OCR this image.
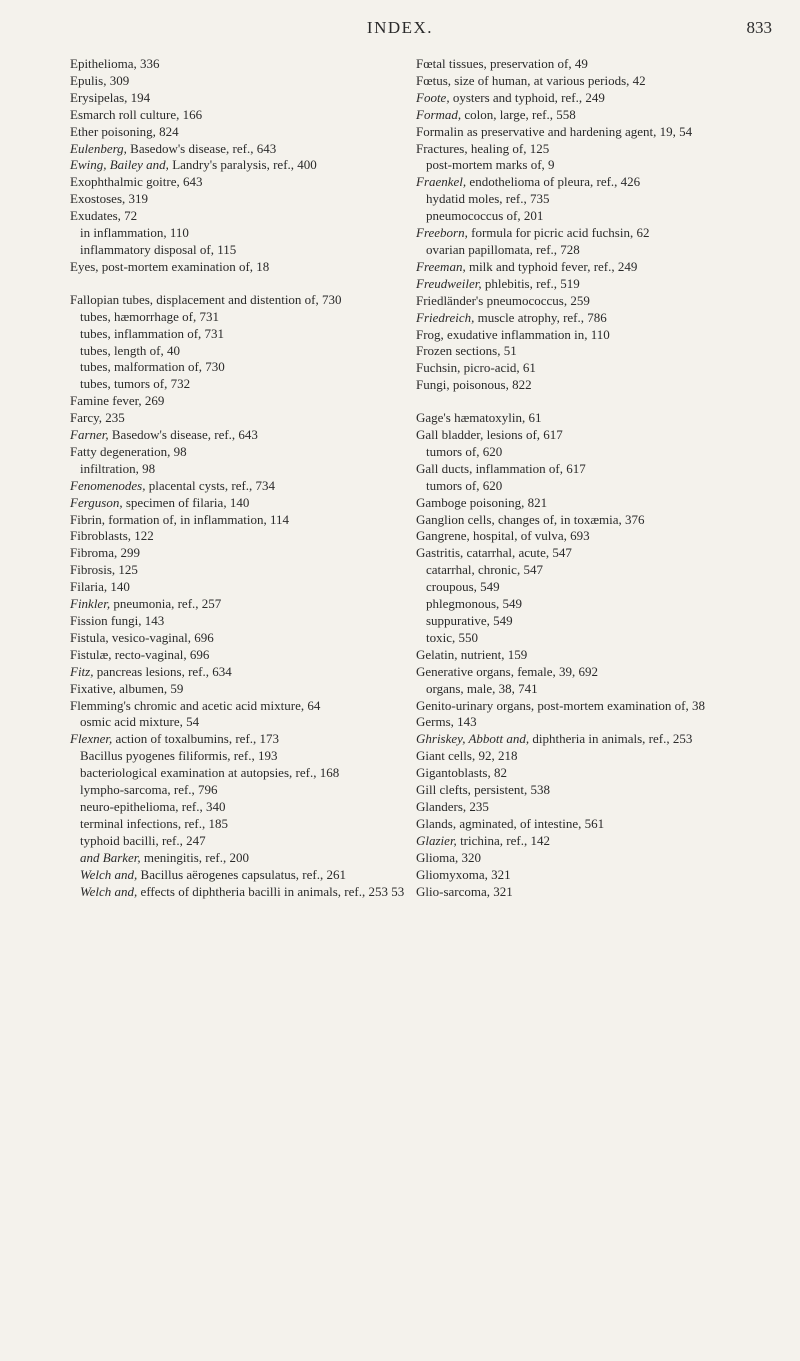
INDEX.	833

Epithelioma, 336

Epulis, 309

Erysipelas, 194

Esmarch roll culture, 166

Ether poisoning, 824

Eulenberg, Basedow's disease, ref., 643

Ewing, Bailey and, Landry's paralysis, ref., 400

Exophthalmic goitre, 643

Exostoses, 319

Exudates, 72

in inflammation, 110

inflammatory disposal of, 115

Eyes, post-mortem examination of, 18

Fallopian tubes, displacement and distention of, 730

tubes, hæmorrhage of, 731

tubes, inflammation of, 731

tubes, length of, 40

tubes, malformation of, 730

tubes, tumors of, 732

Famine fever, 269

Farcy, 235

Farner, Basedow's disease, ref., 643

Fatty degeneration, 98

infiltration, 98

Fenomenodes, placental cysts, ref., 734

Ferguson, specimen of filaria, 140

Fibrin, formation of, in inflammation, 114

Fibroblasts, 122

Fibroma, 299

Fibrosis, 125

Filaria, 140

Finkler, pneumonia, ref., 257

Fission fungi, 143

Fistula, vesico-vaginal, 696

Fistulæ, recto-vaginal, 696

Fitz, pancreas lesions, ref., 634

Fixative, albumen, 59

Flemming's chromic and acetic acid mixture, 64

osmic acid mixture, 54

Flexner, action of toxalbumins, ref., 173

Bacillus pyogenes filiformis, ref., 193

bacteriological examination at autopsies, ref., 168

lympho-sarcoma, ref., 796

neuro-epithelioma, ref., 340

terminal infections, ref., 185

typhoid bacilli, ref., 247

and Barker, meningitis, ref., 200

Welch and, Bacillus aërogenes capsulatus, ref., 261

Welch and, effects of diphtheria bacilli in animals, ref., 253 53

Fœtal tissues, preservation of, 49

Fœtus, size of human, at various periods, 42

Foote, oysters and typhoid, ref., 249

Formad, colon, large, ref., 558

Formalin as preservative and hardening agent, 19, 54

Fractures, healing of, 125

post-mortem marks of, 9

Fraenkel, endothelioma of pleura, ref., 426

hydatid moles, ref., 735

pneumococcus of, 201

Freeborn, formula for picric acid fuchsin, 62

ovarian papillomata, ref., 728

Freeman, milk and typhoid fever, ref., 249

Freudweiler, phlebitis, ref., 519

Friedländer's pneumococcus, 259

Friedreich, muscle atrophy, ref., 786

Frog, exudative inflammation in, 110

Frozen sections, 51

Fuchsin, picro-acid, 61

Fungi, poisonous, 822

Gage's hæmatoxylin, 61

Gall bladder, lesions of, 617

tumors of, 620

Gall ducts, inflammation of, 617

tumors of, 620

Gamboge poisoning, 821

Ganglion cells, changes of, in toxæmia, 376

Gangrene, hospital, of vulva, 693

Gastritis, catarrhal, acute, 547

catarrhal, chronic, 547

croupous, 549

phlegmonous, 549

suppurative, 549

toxic, 550

Gelatin, nutrient, 159

Generative organs, female, 39, 692

organs, male, 38, 741

Genito-urinary organs, post-mortem examination of, 38

Germs, 143

Ghriskey, Abbott and, diphtheria in animals, ref., 253

Giant cells, 92, 218

Gigantoblasts, 82

Gill clefts, persistent, 538

Glanders, 235

Glands, agminated, of intestine, 561

Glazier, trichina, ref., 142

Glioma, 320

Gliomyxoma, 321

Glio-sarcoma, 321
